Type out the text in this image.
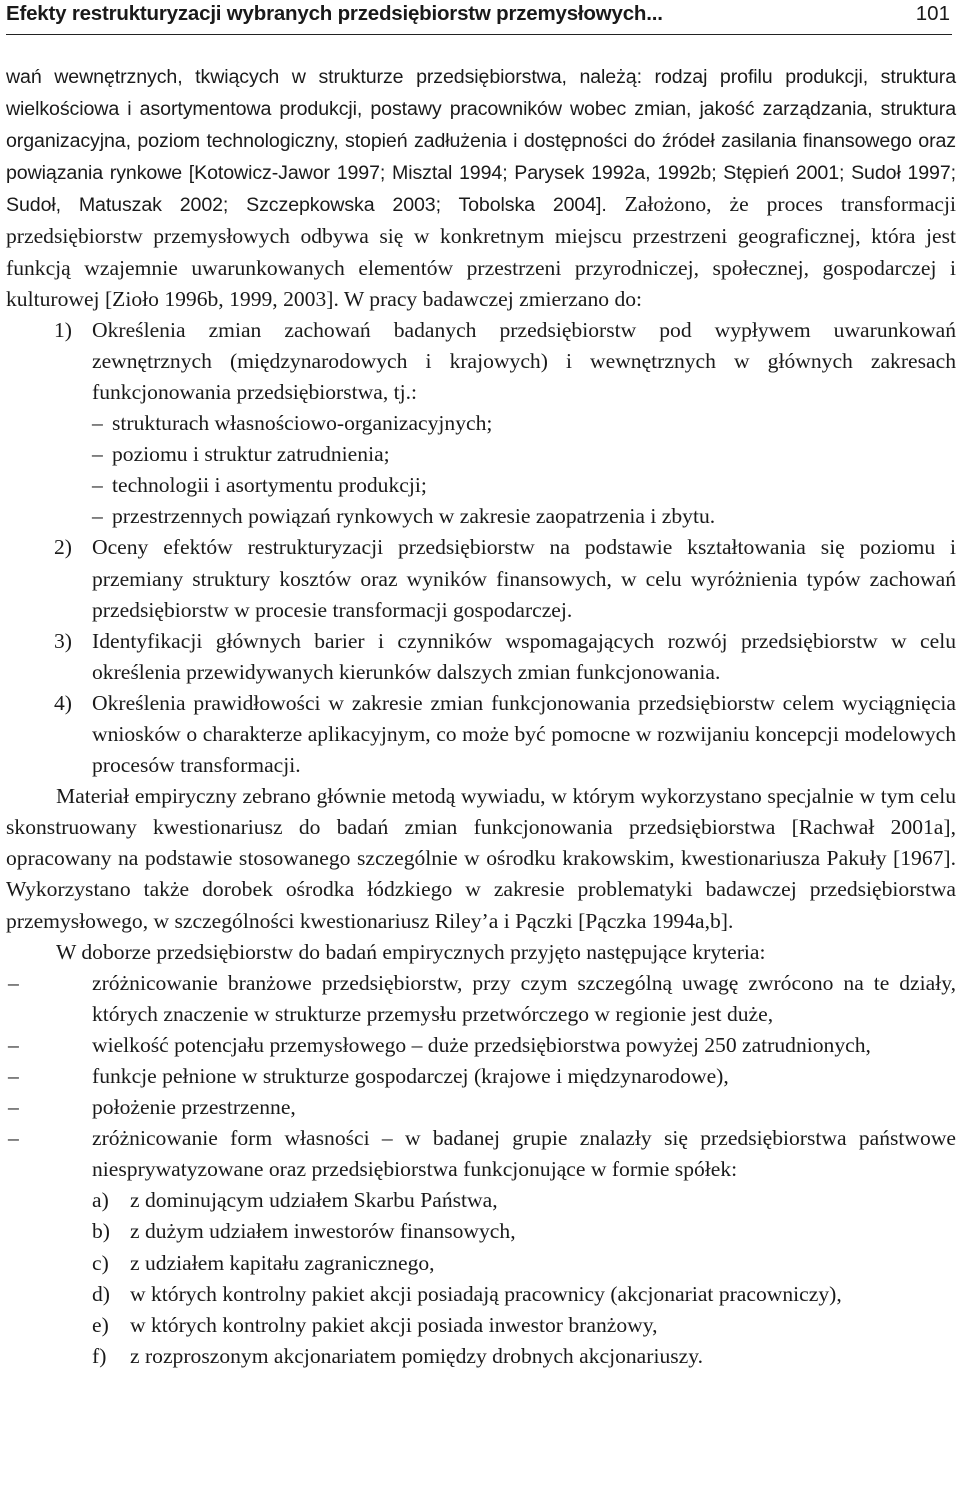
Efekty restrukturyzacji wybranych przedsiębiorstw przemysłowych...	101

wań wewnętrznych, tkwiących w strukturze przedsiębiorstwa, należą: rodzaj profilu produkcji, struktura wielkościowa i asortymentowa produkcji, postawy pracowników wobec zmian, jakość zarządzania, struktura organizacyjna, poziom technologiczny, stopień zadłużenia i dostępności do źródeł zasilania finansowego oraz powiązania rynkowe [Kotowicz-Jawor 1997; Misztal 1994; Parysek 1992a, 1992b; Stępień 2001; Sudoł 1997; Sudoł, Matuszak 2002; Szczepkowska 2003; Tobolska 2004]. Założono, że proces transformacji przedsiębiorstw przemysłowych odbywa się w konkretnym miejscu przestrzeni geograficznej, która jest funkcją wzajemnie uwarunkowanych elementów przestrzeni przyrodniczej, społecznej, gospodarczej i kulturowej [Zioło 1996b, 1999, 2003]. W pracy badawczej zmierzano do:

1) Określenia zmian zachowań badanych przedsiębiorstw pod wypływem uwarunkowań zewnętrznych (międzynarodowych i krajowych) i wewnętrznych w głównych zakresach funkcjonowania przedsiębiorstwa, tj.:
– strukturach własnościowo-organizacyjnych;
– poziomu i struktur zatrudnienia;
– technologii i asortymentu produkcji;
– przestrzennych powiązań rynkowych w zakresie zaopatrzenia i zbytu.
2) Oceny efektów restrukturyzacji przedsiębiorstw na podstawie kształtowania się poziomu i przemiany struktury kosztów oraz wyników finansowych, w celu wyróżnienia typów zachowań przedsiębiorstw w procesie transformacji gospodarczej.
3) Identyfikacji głównych barier i czynników wspomagających rozwój przedsiębiorstw w celu określenia przewidywanych kierunków dalszych zmian funkcjonowania.
4) Określenia prawidłowości w zakresie zmian funkcjonowania przedsiębiorstw celem wyciągnięcia wniosków o charakterze aplikacyjnym, co może być pomocne w rozwijaniu koncepcji modelowych procesów transformacji.

Materiał empiryczny zebrano głównie metodą wywiadu, w którym wykorzystano specjalnie w tym celu skonstruowany kwestionariusz do badań zmian funkcjonowania przedsiębiorstwa [Rachwał 2001a], opracowany na podstawie stosowanego szczególnie w ośrodku krakowskim, kwestionariusza Pakuły [1967]. Wykorzystano także dorobek ośrodka łódzkiego w zakresie problematyki badawczej przedsiębiorstwa przemysłowego, w szczególności kwestionariusz Riley’a i Pączki [Pączka 1994a,b].

W doborze przedsiębiorstw do badań empirycznych przyjęto następujące kryteria:

–	zróżnicowanie branżowe przedsiębiorstw, przy czym szczególną uwagę zwrócono na te działy, których znaczenie w strukturze przemysłu przetwórczego w regionie jest duże,
–	wielkość potencjału przemysłowego – duże przedsiębiorstwa powyżej 250 zatrudnionych,
–	funkcje pełnione w strukturze gospodarczej (krajowe i międzynarodowe),
–	położenie przestrzenne,
–	zróżnicowanie form własności – w badanej grupie znalazły się przedsiębiorstwa państwowe niesprywatyzowane oraz przedsiębiorstwa funkcjonujące w formie spółek:
a) z dominującym udziałem Skarbu Państwa,
b) z dużym udziałem inwestorów finansowych,
c) z udziałem kapitału zagranicznego,
d) w których kontrolny pakiet akcji posiadają pracownicy (akcjonariat pracowniczy),
e) w których kontrolny pakiet akcji posiada inwestor branżowy,
f) z rozproszonym akcjonariatem pomiędzy drobnych akcjonariuszy.
